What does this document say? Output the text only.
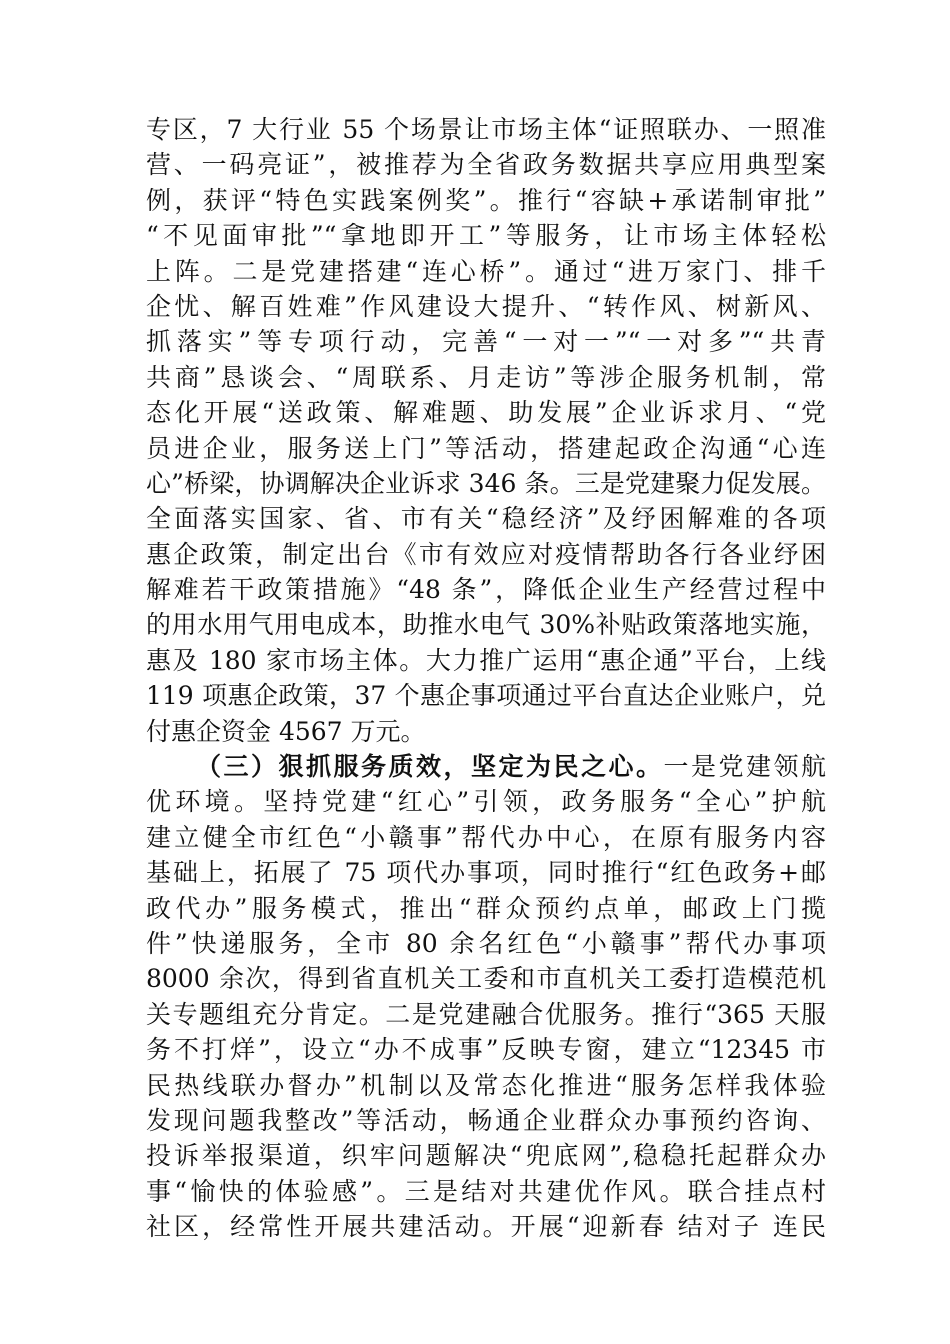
专区，7 大行业 55 个场景让市场主体“证照联办、一照准
营、一码亮证”，被推荐为全省政务数据共享应用典型案
例，获评“特色实践案例奖”。推行“容缺+承诺制审批”
“不见面审批”“拿地即开工”等服务，让市场主体轻松
上阵。二是党建搭建“连心桥”。通过“进万家门、排千
企忧、解百姓难”作风建设大提升、“转作风、树新风、
抓落实”等专项行动，完善“一对一”“一对多”“共青
共商”恳谈会、“周联系、月走访”等涉企服务机制，常
态化开展“送政策、解难题、助发展”企业诉求月、“党
员进企业，服务送上门”等活动，搭建起政企沟通“心连
心”桥梁，协调解决企业诉求 346 条。三是党建聚力促发展。
全面落实国家、省、市有关“稳经济”及纾困解难的各项
惠企政策，制定出台《市有效应对疫情帮助各行各业纾困
解难若干政策措施》“48 条”，降低企业生产经营过程中
的用水用气用电成本，助推水电气 30%补贴政策落地实施，
惠及 180 家市场主体。大力推广运用“惠企通”平台，上线
119 项惠企政策，37 个惠企事项通过平台直达企业账户，兑
付惠企资金 4567 万元。
（三）狠抓服务质效，坚定为民之心。一是党建领航
优环境。坚持党建“红心”引领，政务服务“全心”护航
建立健全市红色“小赣事”帮代办中心，在原有服务内容
基础上，拓展了 75 项代办事项，同时推行“红色政务+邮
政代办”服务模式，推出“群众预约点单，邮政上门揽
件”快递服务，全市 80 余名红色“小赣事”帮代办事项
8000 余次，得到省直机关工委和市直机关工委打造模范机
关专题组充分肯定。二是党建融合优服务。推行“365 天服
务不打烊”，设立“办不成事”反映专窗，建立“12345 市
民热线联办督办”机制以及常态化推进“服务怎样我体验
发现问题我整改”等活动，畅通企业群众办事预约咨询、
投诉举报渠道，织牢问题解决“兜底网”,稳稳托起群众办
事“愉快的体验感”。三是结对共建优作风。联合挂点村
社区，经常性开展共建活动。开展“迎新春 结对子 连民
